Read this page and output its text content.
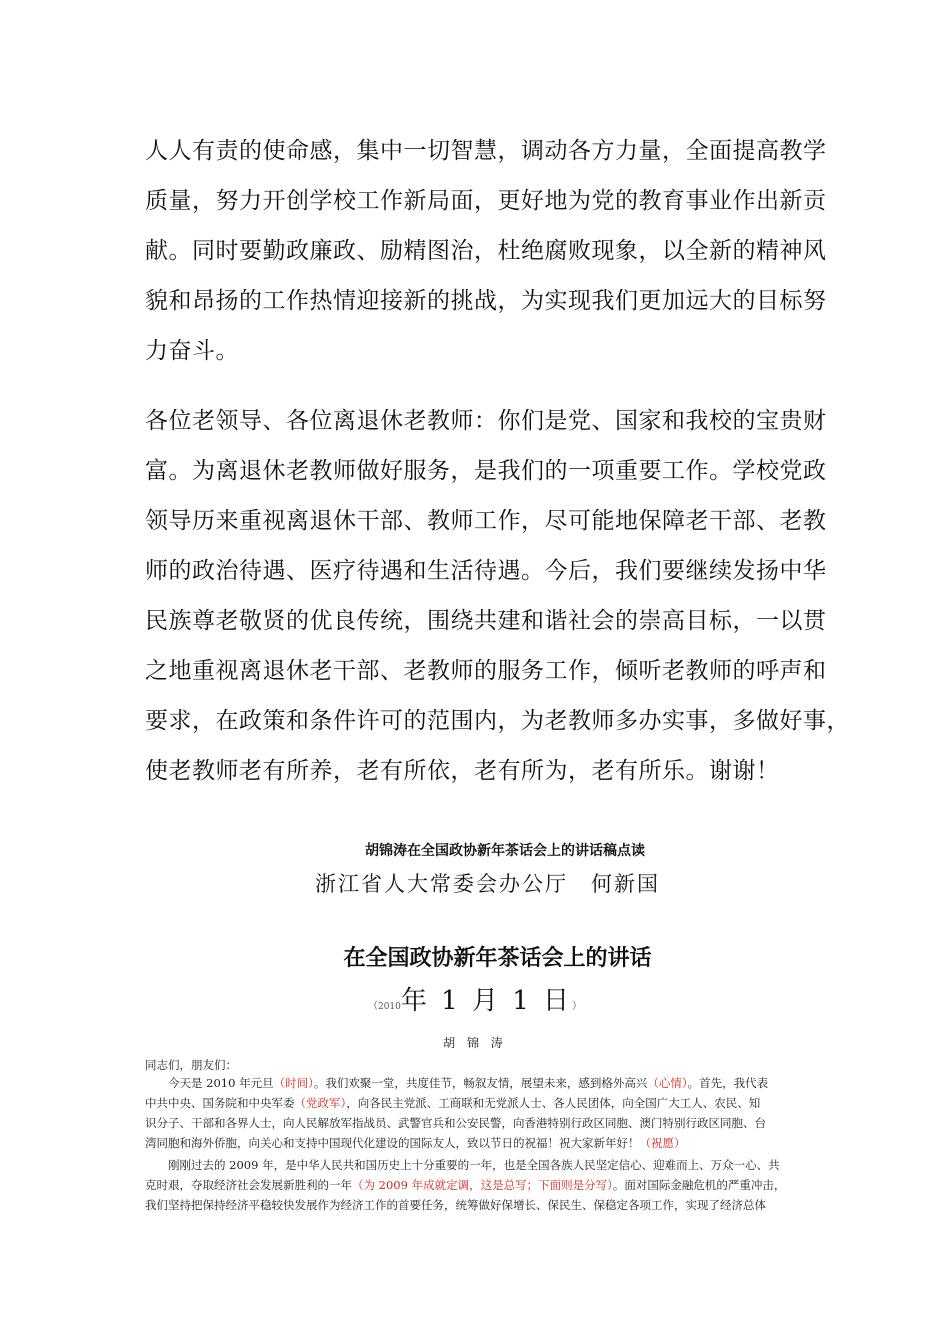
人人有责的使命感，集中一切智慧，调动各方力量，全面提高教学
质量，努力开创学校工作新局面，更好地为党的教育事业作出新贡
献。同时要勤政廉政、励精图治，杜绝腐败现象，以全新的精神风
貌和昂扬的工作热情迎接新的挑战，为实现我们更加远大的目标努
力奋斗。
各位老领导、各位离退休老教师：你们是党、国家和我校的宝贵财
富。为离退休老教师做好服务，是我们的一项重要工作。学校党政
领导历来重视离退休干部、教师工作，尽可能地保障老干部、老教
师的政治待遇、医疗待遇和生活待遇。今后，我们要继续发扬中华
民族尊老敬贤的优良传统，围绕共建和谐社会的崇高目标，一以贯
之地重视离退休老干部、老教师的服务工作，倾听老教师的呼声和
要求，在政策和条件许可的范围内，为老教师多办实事，多做好事，
使老教师老有所养，老有所依，老有所为，老有所乐。谢谢！
胡锦涛在全国政协新年茶话会上的讲话稿点读
浙江省人大常委会办公厅　何新国
在全国政协新年茶话会上的讲话
（2010年 1 月 1 日）
胡 锦 涛
同志们，朋友们：
今天是 2010 年元旦（时间）。我们欢聚一堂，共度佳节，畅叙友情，展望未来，感到格外高兴（心情）。首先，我代表
中共中央、国务院和中央军委（党政军），向各民主党派、工商联和无党派人士、各人民团体，向全国广大工人、农民、知
识分子、干部和各界人士，向人民解放军指战员、武警官兵和公安民警，向香港特别行政区同胞、澳门特别行政区同胞、台
湾同胞和海外侨胞，向关心和支持中国现代化建设的国际友人，致以节日的祝福！祝大家新年好！（祝愿）
刚刚过去的 2009 年，是中华人民共和国历史上十分重要的一年，也是全国各族人民坚定信心、迎难而上、万众一心、共
克时艰，夺取经济社会发展新胜利的一年（为 2009 年成就定调，这是总写；下面则是分写）。面对国际金融危机的严重冲击，
我们坚持把保持经济平稳较快发展作为经济工作的首要任务，统筹做好保增长、保民生、保稳定各项工作，实现了经济总体
